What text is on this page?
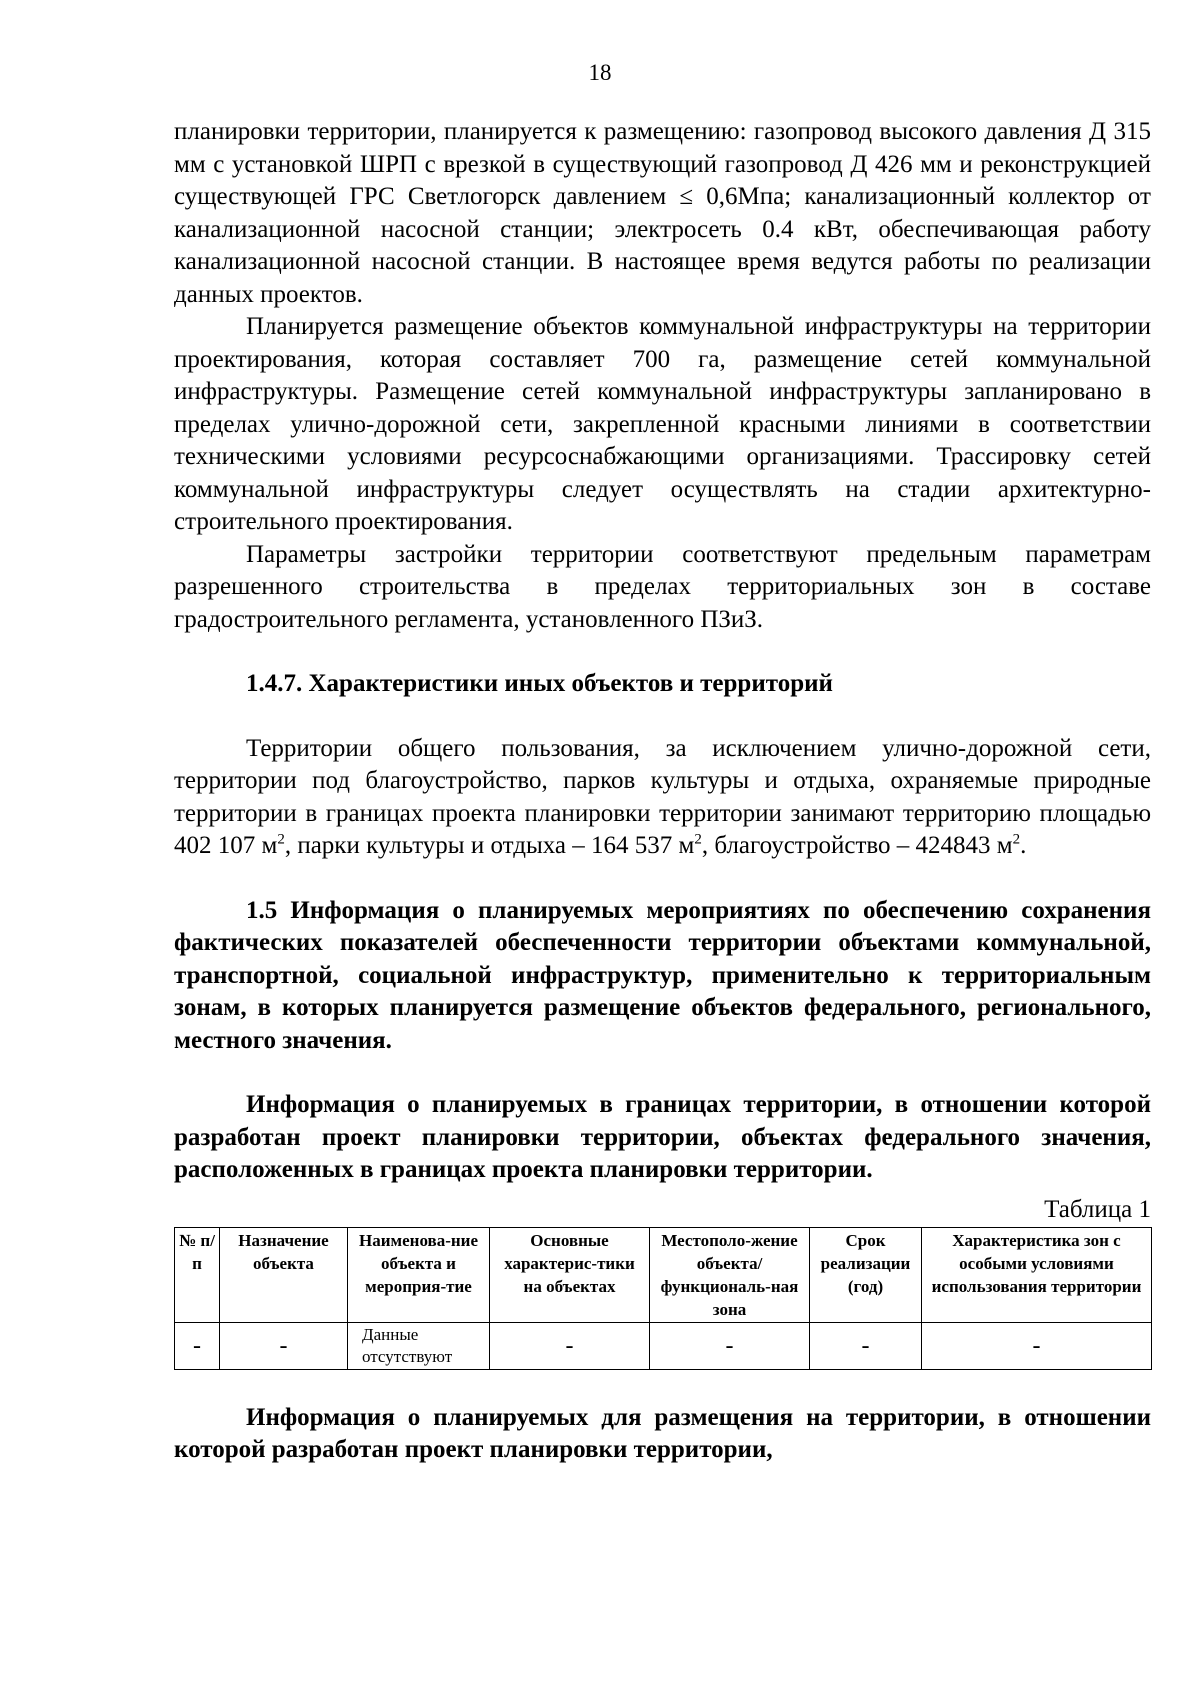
18

планировки территории, планируется к размещению: газопровод высокого давления Д 315 мм с установкой ШРП с врезкой в существующий газопровод Д 426 мм и реконструкцией существующей ГРС Светлогорск давлением ≤ 0,6Мпа; канализационный коллектор от канализационной насосной станции; электросеть 0.4 кВт, обеспечивающая работу канализационной насосной станции. В настоящее время ведутся работы по реализации данных проектов.

Планируется размещение объектов коммунальной инфраструктуры на территории проектирования, которая составляет 700 га, размещение сетей коммунальной инфраструктуры. Размещение сетей коммунальной инфраструктуры запланировано в пределах улично-дорожной сети, закрепленной красными линиями в соответствии техническими условиями ресурсоснабжающими организациями. Трассировку сетей коммунальной инфраструктуры следует осуществлять на стадии архитектурно-строительного проектирования.

Параметры застройки территории соответствуют предельным параметрам разрешенного строительства в пределах территориальных зон в составе градостроительного регламента, установленного ПЗиЗ.

1.4.7. Характеристики иных объектов и территорий

Территории общего пользования, за исключением улично-дорожной сети, территории под благоустройство, парков культуры и отдыха, охраняемые природные территории в границах проекта планировки территории занимают территорию площадью 402 107 $м^2$, парки культуры и отдыха – 164 537 $м^2$, благоустройство – 424843 $м^2$.

1.5 Информация о планируемых мероприятиях по обеспечению сохранения фактических показателей обеспеченности территории объектами коммунальной, транспортной, социальной инфраструктур, применительно к территориальным зонам, в которых планируется размещение объектов федерального, регионального, местного значения.

Информация о планируемых в границах территории, в отношении которой разработан проект планировки территории, объектах федерального значения, расположенных в границах проекта планировки территории.

Таблица 1
№ п/п	Назначение объекта	Наименова-ние объекта и мероприя-тие	Основные характерис-тики на объектах	Местополо-жение объекта/ функциональ-ная зона	Срок реализации (год)	Характеристика зон с особыми условиями использования территории
-	-	Данные отсутствуют	-	-	-	-

Информация о планируемых для размещения на территории, в отношении которой разработан проект планировки территории,
